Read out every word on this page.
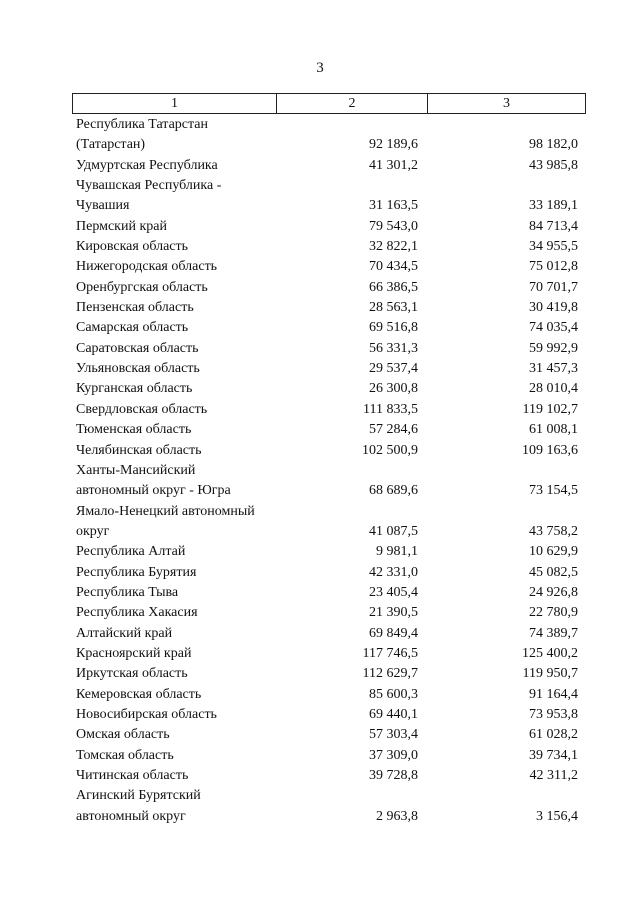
3
1	2	3
Республика Татарстан
(Татарстан)	92 189,6	98 182,0
Удмуртская Республика	41 301,2	43 985,8
Чувашская Республика -
Чувашия	31 163,5	33 189,1
Пермский край	79 543,0	84 713,4
Кировская область	32 822,1	34 955,5
Нижегородская область	70 434,5	75 012,8
Оренбургская область	66 386,5	70 701,7
Пензенская область	28 563,1	30 419,8
Самарская область	69 516,8	74 035,4
Саратовская область	56 331,3	59 992,9
Ульяновская область	29 537,4	31 457,3
Курганская область	26 300,8	28 010,4
Свердловская область	111 833,5	119 102,7
Тюменская область	57 284,6	61 008,1
Челябинская область	102 500,9	109 163,6
Ханты-Мансийский
автономный округ - Югра	68 689,6	73 154,5
Ямало-Ненецкий автономный
округ	41 087,5	43 758,2
Республика Алтай	9 981,1	10 629,9
Республика Бурятия	42 331,0	45 082,5
Республика Тыва	23 405,4	24 926,8
Республика Хакасия	21 390,5	22 780,9
Алтайский край	69 849,4	74 389,7
Красноярский край	117 746,5	125 400,2
Иркутская область	112 629,7	119 950,7
Кемеровская область	85 600,3	91 164,4
Новосибирская область	69 440,1	73 953,8
Омская область	57 303,4	61 028,2
Томская область	37 309,0	39 734,1
Читинская область	39 728,8	42 311,2
Агинский Бурятский
автономный округ	2 963,8	3 156,4
